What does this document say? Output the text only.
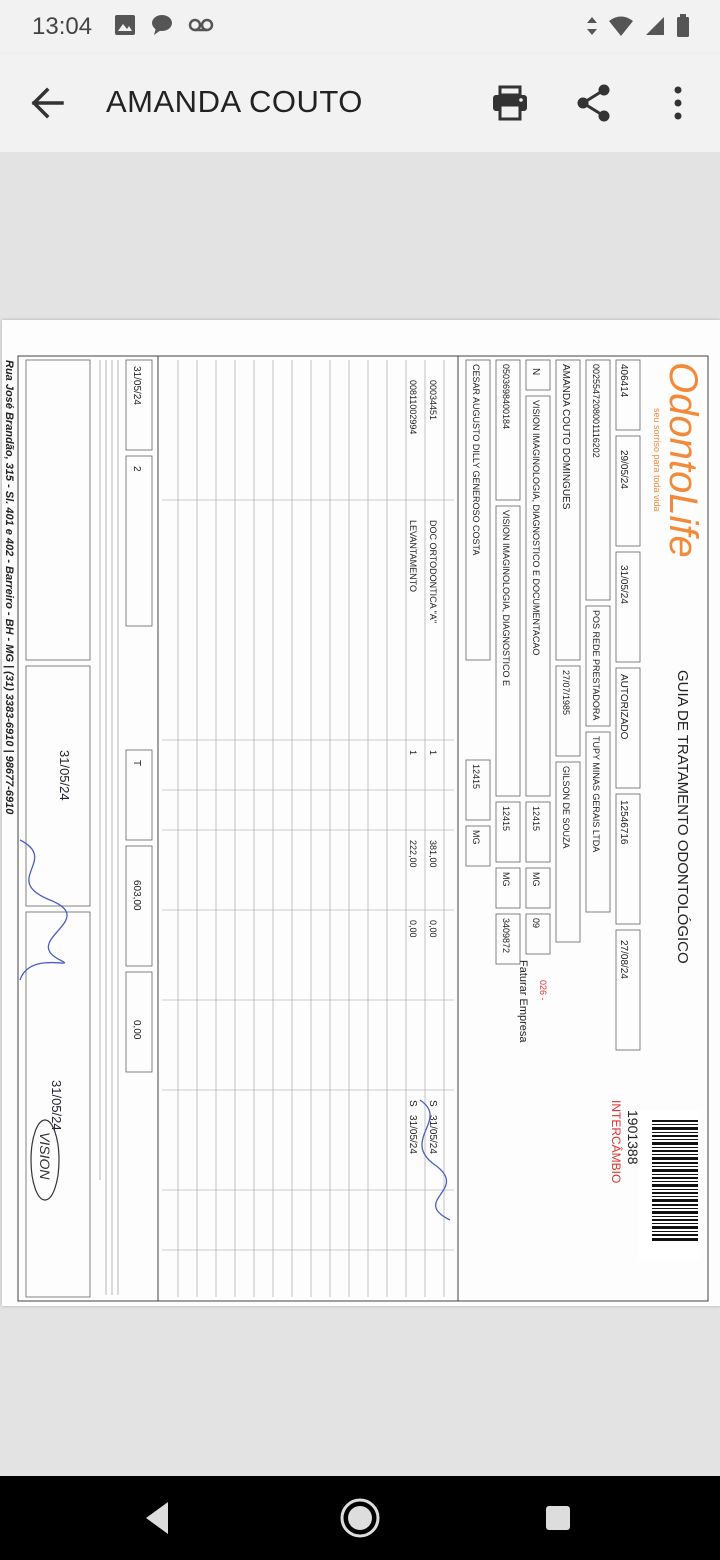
13:04
AMANDA COUTO
OdontoLife
seu sorriso para toda vida
GUIA DE TRATAMENTO ODONTOLÓGICO
1901388
INTERCÂMBIO
406414
29/05/24
31/05/24
AUTORIZADO
12546716
27/08/24
0025547208001116202
POS REDE PRESTADORA
TUPY MINAS GERAIS LTDA
AMANDA COUTO DOMINGUES
27/07/1985
GILSON DE SOUZA
N
VISION IMAGINOLOGIA, DIAGNOSTICO E DOCUMENTACAO
12415
MG
09
026 -
Faturar Empresa
0503698400184
VISION IMAGINOLOGIA, DIAGNOSTICO E
12415
MG
3409872
CESAR AUGUSTO DILLY GENEROSO COSTA
12415
MG
00034451
DOC ORTODONTICA "A"
1
381,00
0,00
S
31/05/24
00811002994
LEVANTAMENTO
1
222,00
0,00
S
31/05/24
31/05/24
2
T
603,00
0,00
31/05/24
31/05/24
VISION
Rua José Brandão, 315 - Sl. 401 e 402 - Barreiro - BH - MG | (31) 3383-6910 | 98677-6910
